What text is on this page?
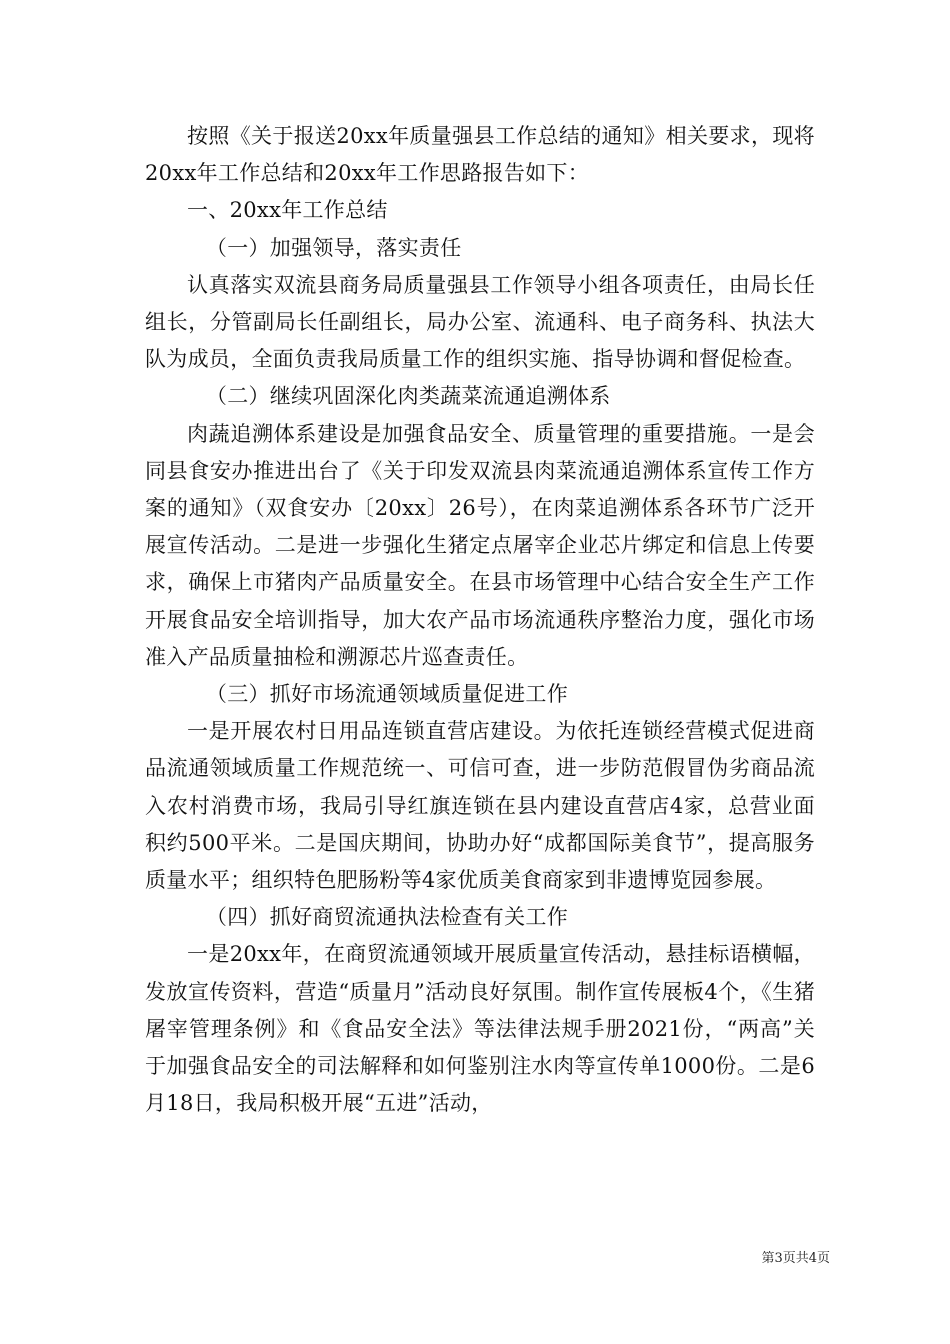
按照《关于报送20xx年质量强县工作总结的通知》相关要求，现将20xx年工作总结和20xx年工作思路报告如下：

一、20xx年工作总结

（一）加强领导，落实责任

认真落实双流县商务局质量强县工作领导小组各项责任，由局长任组长，分管副局长任副组长，局办公室、流通科、电子商务科、执法大队为成员，全面负责我局质量工作的组织实施、指导协调和督促检查。

（二）继续巩固深化肉类蔬菜流通追溯体系

肉蔬追溯体系建设是加强食品安全、质量管理的重要措施。一是会同县食安办推进出台了《关于印发双流县肉菜流通追溯体系宣传工作方案的通知》（双食安办〔20xx〕26号），在肉菜追溯体系各环节广泛开展宣传活动。二是进一步强化生猪定点屠宰企业芯片绑定和信息上传要求，确保上市猪肉产品质量安全。在县市场管理中心结合安全生产工作开展食品安全培训指导，加大农产品市场流通秩序整治力度，强化市场准入产品质量抽检和溯源芯片巡查责任。

（三）抓好市场流通领域质量促进工作

一是开展农村日用品连锁直营店建设。为依托连锁经营模式促进商品流通领域质量工作规范统一、可信可查，进一步防范假冒伪劣商品流入农村消费市场，我局引导红旗连锁在县内建设直营店4家，总营业面积约500平米。二是国庆期间，协助办好“成都国际美食节”，提高服务质量水平；组织特色肥肠粉等4家优质美食商家到非遗博览园参展。

（四）抓好商贸流通执法检查有关工作

一是20xx年，在商贸流通领域开展质量宣传活动，悬挂标语横幅，发放宣传资料，营造“质量月”活动良好氛围。制作宣传展板4个，《生猪屠宰管理条例》和《食品安全法》等法律法规手册2021份，“两高”关于加强食品安全的司法解释和如何鉴别注水肉等宣传单1000份。二是6月18日，我局积极开展“五进”活动，

第3页共4页
